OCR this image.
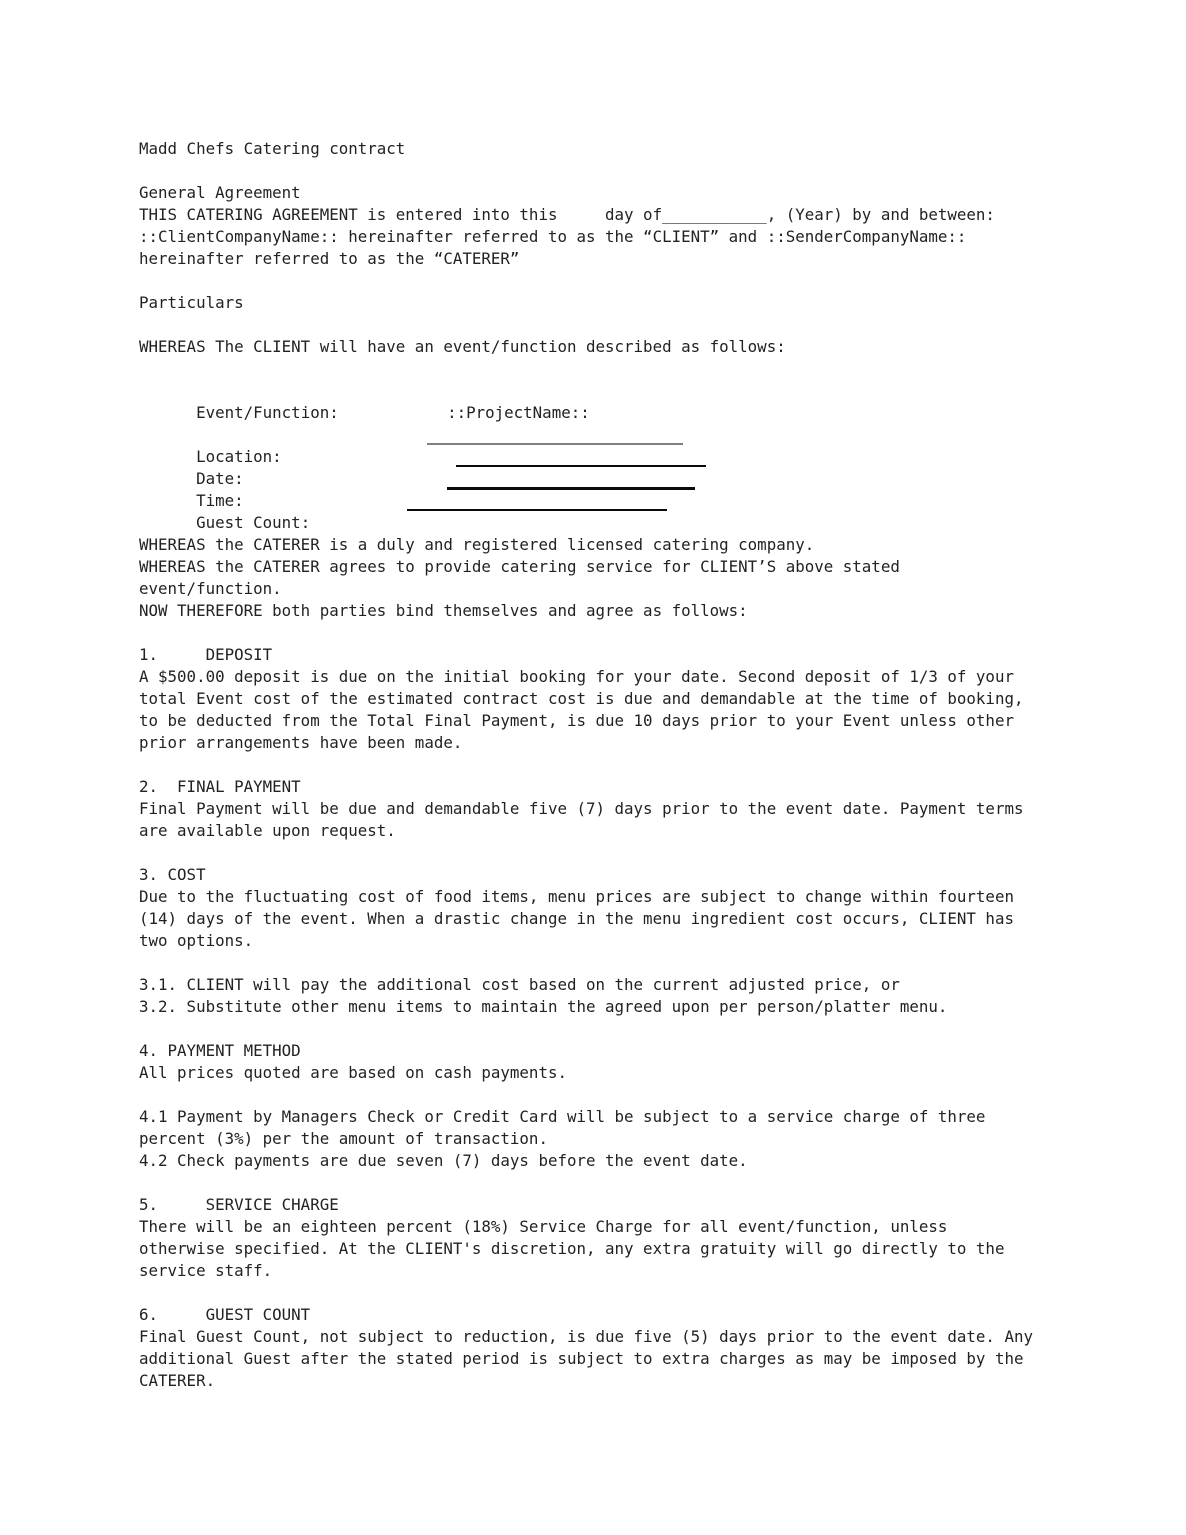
Madd Chefs Catering contract
General Agreement
THIS CATERING AGREEMENT is entered into this     day of___________, (Year) by and between:
::ClientCompanyName:: hereinafter referred to as the “CLIENT” and ::SenderCompanyName::
hereinafter referred to as the “CATERER”
Particulars
WHEREAS The CLIENT will have an event/function described as follows:

Event/Function:	::ProjectName::

Location:

Date:

Time:

Guest Count:

WHEREAS the CATERER is a duly and registered licensed catering company.
WHEREAS the CATERER agrees to provide catering service for CLIENT’S above stated
event/function.
NOW THEREFORE both parties bind themselves and agree as follows:
1.     DEPOSIT
A $500.00 deposit is due on the initial booking for your date. Second deposit of 1/3 of your
total Event cost of the estimated contract cost is due and demandable at the time of booking,
to be deducted from the Total Final Payment, is due 10 days prior to your Event unless other
prior arrangements have been made.
2.  FINAL PAYMENT
Final Payment will be due and demandable five (7) days prior to the event date. Payment terms
are available upon request.
3. COST
Due to the fluctuating cost of food items, menu prices are subject to change within fourteen
(14) days of the event. When a drastic change in the menu ingredient cost occurs, CLIENT has
two options.
3.1. CLIENT will pay the additional cost based on the current adjusted price, or
3.2. Substitute other menu items to maintain the agreed upon per person/platter menu.
4. PAYMENT METHOD
All prices quoted are based on cash payments.
4.1 Payment by Managers Check or Credit Card will be subject to a service charge of three
percent (3%) per the amount of transaction.
4.2 Check payments are due seven (7) days before the event date.
5.     SERVICE CHARGE
There will be an eighteen percent (18%) Service Charge for all event/function, unless
otherwise specified. At the CLIENT's discretion, any extra gratuity will go directly to the
service staff.
6.     GUEST COUNT
Final Guest Count, not subject to reduction, is due five (5) days prior to the event date. Any
additional Guest after the stated period is subject to extra charges as may be imposed by the
CATERER.
